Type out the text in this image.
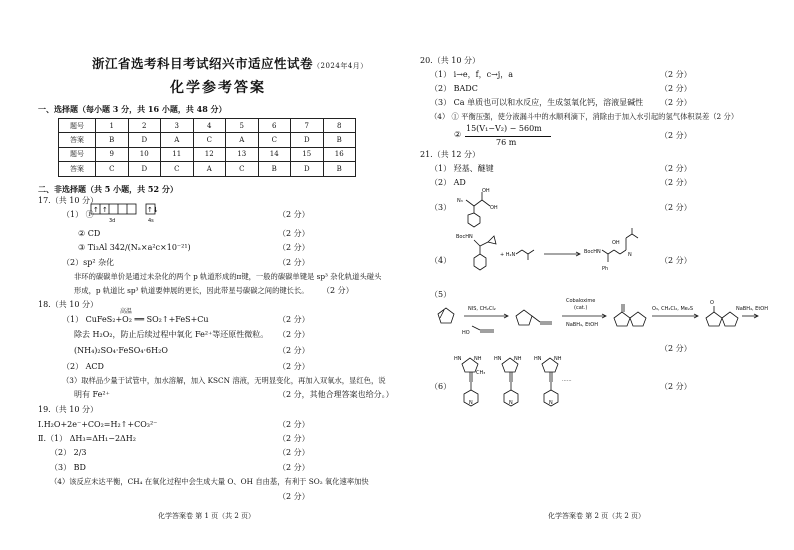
浙江省选考科目考试绍兴市适应性试卷（2024年4月）
化学参考答案
一、选择题（每小题 3 分，共 16 小题，共 48 分）
题号	1	2	3	4	5	6	7	8
答案	B	D	A	C	A	C	D	B
题号	9	10	11	12	13	14	15	16
答案	C	D	C	A	C	B	D	B
二、非选择题（共 5 小题，共 52 分）
17.（共 10 分）
（1） ① ↑ ↑	↑↓
3d	4s
（2 分）
② CD	（2 分）
③ Ti₃Al 342/(Nₐ×a²c×10⁻²¹)	（2 分）
（2）sp² 杂化	（2 分）
非环的碳碳单价是通过未杂化的两个 p 轨道形成的π键，一般的碳碳单键是 sp³ 杂化轨道头碰头
形成，p 轨道比 sp³ 轨道要伸展的更长，因此带星号碳碳之间的键长长。 （2 分）
18.（共 10 分）
高温
（1） CuFeS₂+O₂ ══ SO₂↑+FeS+Cu	（2 分）
除去 H₂O₂，防止后续过程中氧化 Fe²⁺等还原性微粒。 （2 分）
(NH₄)₂SO₄·FeSO₄·6H₂O	（2 分）
（2） ACD	（2 分）
（3）取样品少量于试管中，加水溶解，加入 KSCN 溶液，无明显变化，再加入双氧水，显红色，说
明有 Fe²⁺	（2 分，其他合理答案也给分。）
19.（共 10 分）
Ⅰ.H₂O+2e⁻+CO₂=H₂↑+CO₃²⁻	（2 分）
Ⅱ.（1） ΔH₃=ΔH₁−2ΔH₂	（2 分）
（2） 2/3	（2 分）
（3） BD	（2 分）
（4）该反应未达平衡，CH₄ 在氧化过程中会生成大量 O、OH 自由基，有利于 SO₂ 氧化速率加快
（2 分）
化学答案卷 第 1 页（共 2 页）
20.（共 10 分）
（1） i→e，f，c→j，a	（2 分）
（2） BADC	（2 分）
（3） Ca 单质也可以和水反应，生成氢氧化钙，溶液显碱性 （2 分）
（4） ① 平衡压强，使分液漏斗中的水顺利滴下，消除由于加入水引起的氢气体积误差（2 分）
②
15(V₁−V₂) − 560m
76 m
（2 分）
21.（共 12 分）
（1） 羟基、醚键	（2 分）
（2） AD	（2 分）
（3）
N₃
OH
OH	（2 分）
（4）
BocHN
+ H₂N	BocHN
OH
N
Ph
（2 分）
（5）
NIS, CH₂Cl₂
HO
Cobaloxime
(cat.)
NaBH₄, EtOH
O₃, CH₂Cl₂, Me₂S
O
NaBH₄, EtOH
（2 分）
（6）
HN	NH
CH₃
HN	NH	HN	NH
······
N	N	N
（2 分）
化学答案卷 第 2 页（共 2 页）
